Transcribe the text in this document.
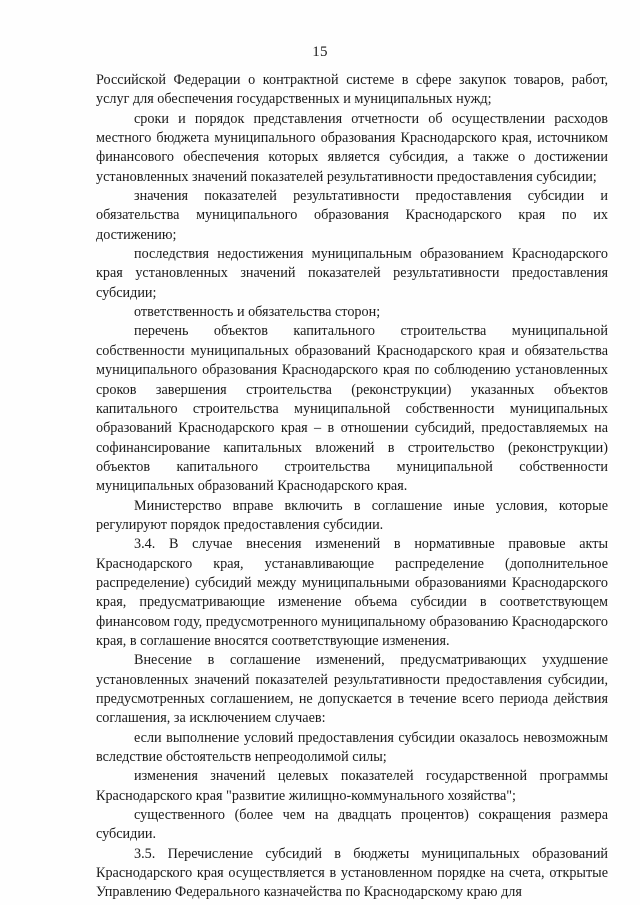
15

Российской Федерации о контрактной системе в сфере закупок товаров, работ, услуг для обеспечения государственных и муниципальных нужд;

сроки и порядок представления отчетности об осуществлении расходов местного бюджета муниципального образования Краснодарского края, источником финансового обеспечения которых является субсидия, а также о достижении установленных значений показателей результативности предоставления субсидии;

значения показателей результативности предоставления субсидии и обязательства муниципального образования Краснодарского края по их достижению;

последствия недостижения муниципальным образованием Краснодарского края установленных значений показателей результативности предоставления субсидии;

ответственность и обязательства сторон;

перечень объектов капитального строительства муниципальной собственности муниципальных образований Краснодарского края и обязательства муниципального образования Краснодарского края по соблюдению установленных сроков завершения строительства (реконструкции) указанных объектов капитального строительства муниципальной собственности муниципальных образований Краснодарского края – в отношении субсидий, предоставляемых на софинансирование капитальных вложений в строительство (реконструкции) объектов капитального строительства муниципальной собственности муниципальных образований Краснодарского края.

Министерство вправе включить в соглашение иные условия, которые регулируют порядок предоставления субсидии.

3.4. В случае внесения изменений в нормативные правовые акты Краснодарского края, устанавливающие распределение (дополнительное распределение) субсидий между муниципальными образованиями Краснодарского края, предусматривающие изменение объема субсидии в соответствующем финансовом году, предусмотренного муниципальному образованию Краснодарского края, в соглашение вносятся соответствующие изменения.

Внесение в соглашение изменений, предусматривающих ухудшение установленных значений показателей результативности предоставления субсидии, предусмотренных соглашением, не допускается в течение всего периода действия соглашения, за исключением случаев:

если выполнение условий предоставления субсидии оказалось невозможным вследствие обстоятельств непреодолимой силы;

изменения значений целевых показателей государственной программы Краснодарского края "развитие жилищно-коммунального хозяйства";

существенного (более чем на двадцать процентов) сокращения размера субсидии.

3.5. Перечисление субсидий в бюджеты муниципальных образований Краснодарского края осуществляется в установленном порядке на счета, открытые Управлению Федерального казначейства по Краснодарскому краю для
